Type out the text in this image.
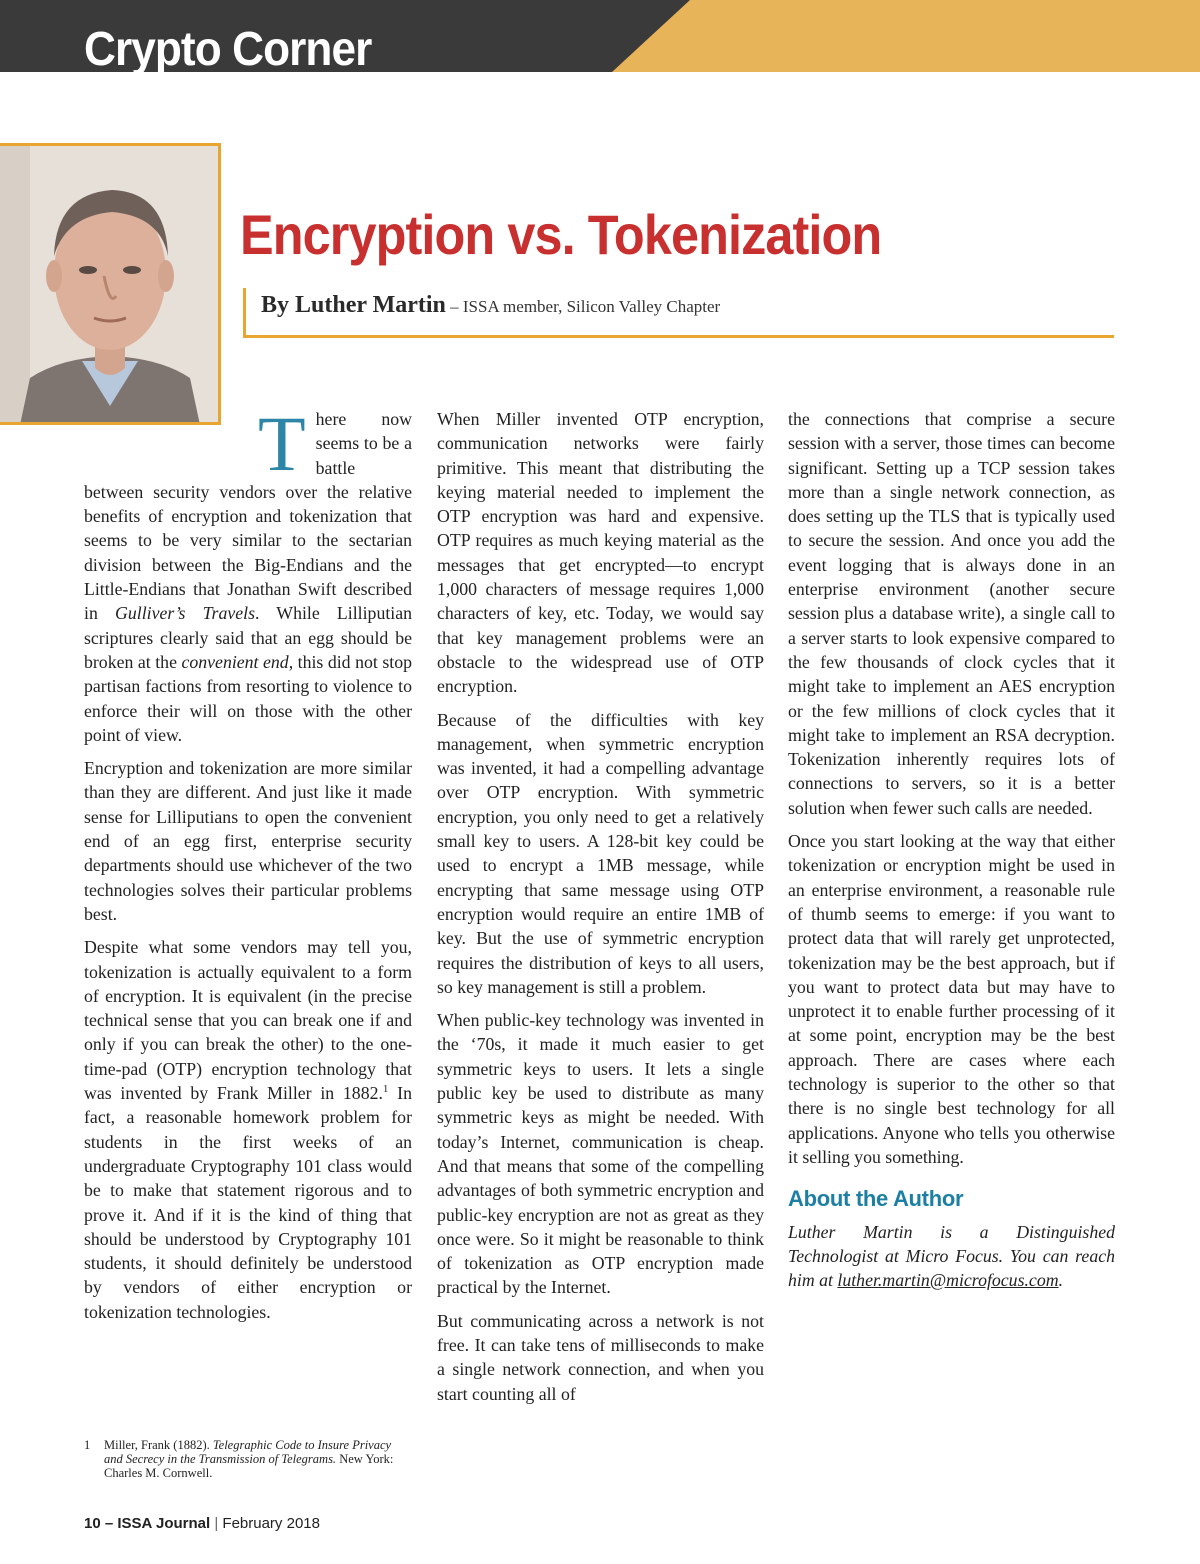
Crypto Corner
Encryption vs. Tokenization
By Luther Martin – ISSA member, Silicon Valley Chapter

There now seems to be a battle between security vendors over the relative benefits of encryption and tokenization that seems to be very similar to the sectarian division between the Big-Endians and the Little-Endians that Jonathan Swift described in Gulliver’s Travels. While Lilliputian scriptures clearly said that an egg should be broken at the convenient end, this did not stop partisan factions from resorting to violence to enforce their will on those with the other point of view.

Encryption and tokenization are more similar than they are different. And just like it made sense for Lilliputians to open the convenient end of an egg first, enterprise security departments should use whichever of the two technologies solves their particular problems best.

Despite what some vendors may tell you, tokenization is actually equivalent to a form of encryption. It is equivalent (in the precise technical sense that you can break one if and only if you can break the other) to the one-time-pad (OTP) encryption technology that was invented by Frank Miller in 1882.$^1$ In fact, a reasonable homework problem for students in the first weeks of an undergraduate Cryptography 101 class would be to make that statement rigorous and to prove it. And if it is the kind of thing that should be understood by Cryptography 101 students, it should definitely be understood by vendors of either encryption or tokenization technologies.

When Miller invented OTP encryption, communication networks were fairly primitive. This meant that distributing the keying material needed to implement the OTP encryption was hard and expensive. OTP requires as much keying material as the messages that get encrypted—to encrypt 1,000 characters of message requires 1,000 characters of key, etc. Today, we would say that key management problems were an obstacle to the widespread use of OTP encryption.

Because of the difficulties with key management, when symmetric encryption was invented, it had a compelling advantage over OTP encryption. With symmetric encryption, you only need to get a relatively small key to users. A 128-bit key could be used to encrypt a 1MB message, while encrypting that same message using OTP encryption would require an entire 1MB of key. But the use of symmetric encryption requires the distribution of keys to all users, so key management is still a problem.

When public-key technology was invented in the ‘70s, it made it much easier to get symmetric keys to users. It lets a single public key be used to distribute as many symmetric keys as might be needed. With today’s Internet, communication is cheap. And that means that some of the compelling advantages of both symmetric encryption and public-key encryption are not as great as they once were. So it might be reasonable to think of tokenization as OTP encryption made practical by the Internet.

But communicating across a network is not free. It can take tens of milliseconds to make a single network connection, and when you start counting all of

the connections that comprise a secure session with a server, those times can become significant. Setting up a TCP session takes more than a single network connection, as does setting up the TLS that is typically used to secure the session. And once you add the event logging that is always done in an enterprise environment (another secure session plus a database write), a single call to a server starts to look expensive compared to the few thousands of clock cycles that it might take to implement an AES encryption or the few millions of clock cycles that it might take to implement an RSA decryption. Tokenization inherently requires lots of connections to servers, so it is a better solution when fewer such calls are needed.

Once you start looking at the way that either tokenization or encryption might be used in an enterprise environment, a reasonable rule of thumb seems to emerge: if you want to protect data that will rarely get unprotected, tokenization may be the best approach, but if you want to protect data but may have to unprotect it to enable further processing of it at some point, encryption may be the best approach. There are cases where each technology is superior to the other so that there is no single best technology for all applications. Anyone who tells you otherwise it selling you something.

About the Author

Luther Martin is a Distinguished Technologist at Micro Focus. You can reach him at luther.martin@microfocus.com.

1 Miller, Frank (1882). Telegraphic Code to Insure Privacy and Secrecy in the Transmission of Telegrams. New York: Charles M. Cornwell.
10 – ISSA Journal | February 2018
